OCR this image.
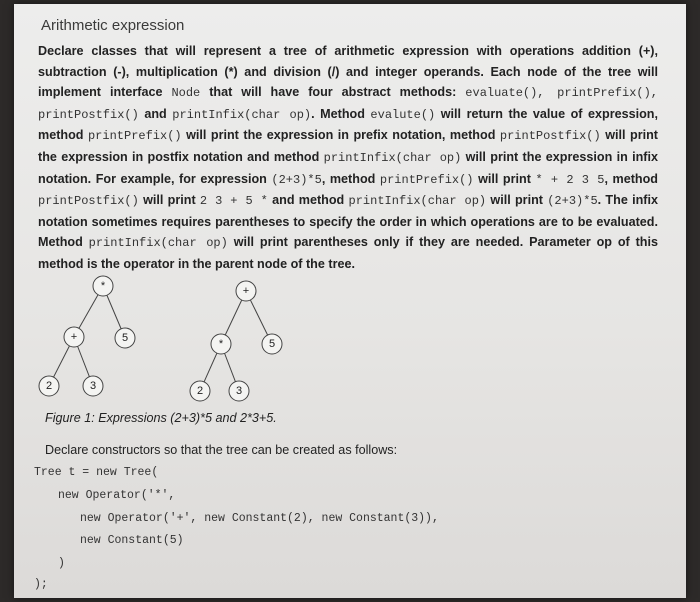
Arithmetic expression

Declare classes that will represent a tree of arithmetic expression with operations addition (+), subtraction (-), multiplication (*) and division (/) and integer operands. Each node of the tree will implement interface Node that will have four abstract methods: evaluate(), printPrefix(), printPostfix() and printInfix(char op). Method evalute() will return the value of expression, method printPrefix() will print the expression in prefix notation, method printPostfix() will print the expression in postfix notation and method printInfix(char op) will print the expression in infix notation. For example, for expression (2+3)*5, method printPrefix() will print * + 2 3 5, method printPostfix() will print 2 3 + 5 * and method printInfix(char op) will print (2+3)*5. The infix notation sometimes requires parentheses to specify the order in which operations are to be evaluated. Method printInfix(char op) will print parentheses only if they are needed. Parameter op of this method is the operator in the parent node of the tree.

*
+	5
2	3
+
*	5
2	3

Figure 1: Expressions (2+3)*5 and 2*3+5.

Declare constructors so that the tree can be created as follows:

Tree t = new Tree(
new Operator('*',
new Operator('+', new Constant(2), new Constant(3)),
new Constant(5)
)
);
